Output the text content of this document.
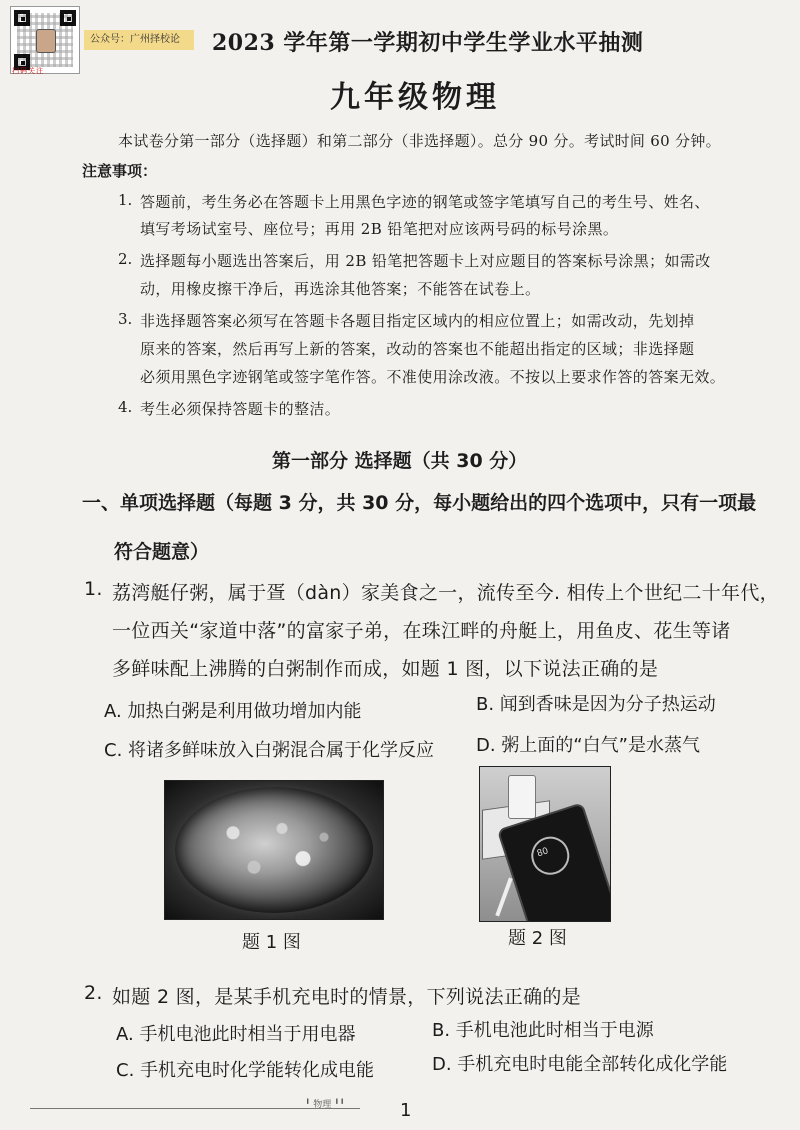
扫码关注
公众号：广州择校论	2023 学年第一学期初中学生学业水平抽测
九年级物理
本试卷分第一部分（选择题）和第二部分（非选择题）。总分 90 分。考试时间 60 分钟。
注意事项：
1. 答题前，考生务必在答题卡上用黑色字迹的钢笔或签字笔填写自己的考生号、姓名、
填写考场试室号、座位号；再用 2B 铅笔把对应该两号码的标号涂黑。
2. 选择题每小题选出答案后，用 2B 铅笔把答题卡上对应题目的答案标号涂黑；如需改
动，用橡皮擦干净后，再选涂其他答案；不能答在试卷上。
3. 非选择题答案必须写在答题卡各题目指定区域内的相应位置上；如需改动，先划掉
原来的答案，然后再写上新的答案，改动的答案也不能超出指定的区域；非选择题
必须用黑色字迹钢笔或签字笔作答。不准使用涂改液。不按以上要求作答的答案无效。
4. 考生必须保持答题卡的整洁。
第一部分 选择题（共 30 分）
一、单项选择题（每题 3 分，共 30 分，每小题给出的四个选项中，只有一项最
符合题意）
1. 荔湾艇仔粥，属于疍（dàn）家美食之一，流传至今. 相传上个世纪二十年代，
一位西关“家道中落”的富家子弟，在珠江畔的舟艇上，用鱼皮、花生等诸
多鲜味配上沸腾的白粥制作而成，如题 1 图，以下说法正确的是
A. 加热白粥是利用做功增加内能	B. 闻到香味是因为分子热运动
C. 将诸多鲜味放入白粥混合属于化学反应 D. 粥上面的“白气”是水蒸气
题 1 图
80
题 2 图
2. 如题 2 图，是某手机充电时的情景，下列说法正确的是
A. 手机电池此时相当于用电器	B. 手机电池此时相当于电源
C. 手机充电时化学能转化成电能	D. 手机充电时电能全部转化成化学能
╹ 物理 ╹╹	1
